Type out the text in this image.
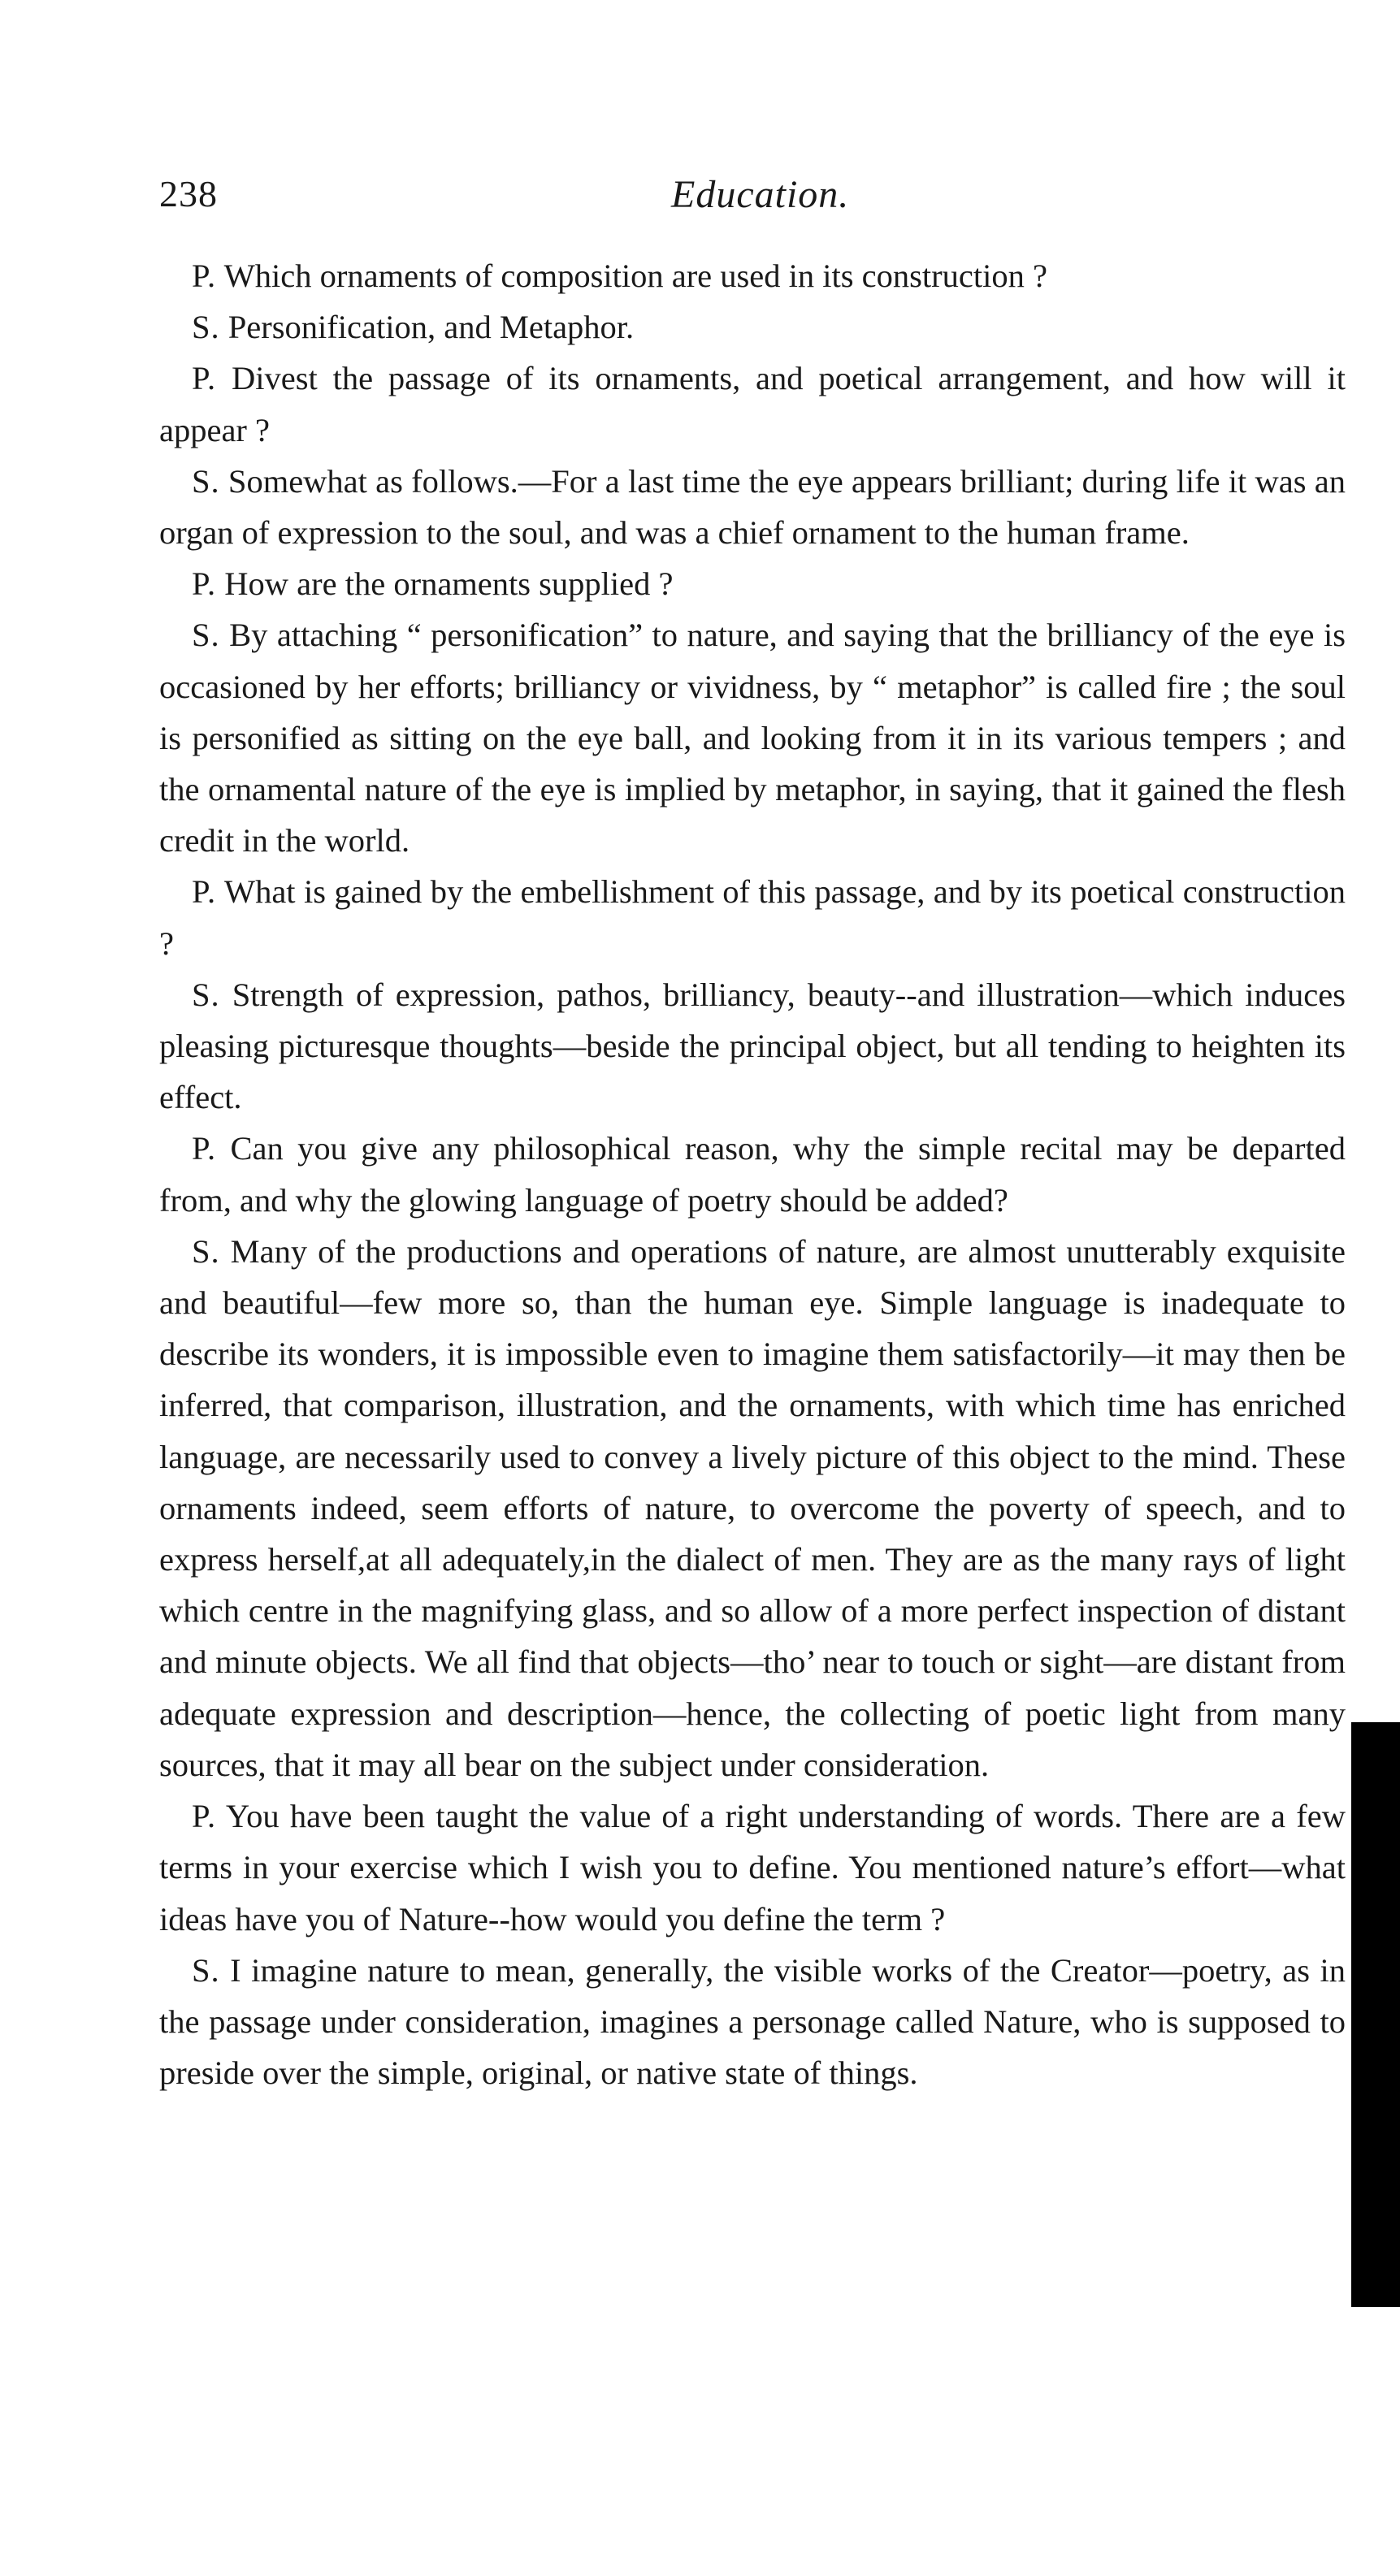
238	Education.

P. Which ornaments of composition are used in its construction ?

S. Personification, and Metaphor.

P. Divest the passage of its ornaments, and poetical arrangement, and how will it appear ?

S. Somewhat as follows.—For a last time the eye appears brilliant; during life it was an organ of expression to the soul, and was a chief ornament to the human frame.

P. How are the ornaments supplied ?

S. By attaching “ personification” to nature, and saying that the brilliancy of the eye is occasioned by her efforts; brilliancy or vividness, by “ metaphor” is called fire ; the soul is personified as sitting on the eye ball, and looking from it in its various tempers ; and the ornamental nature of the eye is implied by metaphor, in saying, that it gained the flesh credit in the world.

P. What is gained by the embellishment of this passage, and by its poetical construction ?

S. Strength of expression, pathos, brilliancy, beauty--and illustration—which induces pleasing picturesque thoughts—beside the principal object, but all tending to heighten its effect.

P. Can you give any philosophical reason, why the simple recital may be departed from, and why the glowing language of poetry should be added?

S. Many of the productions and operations of nature, are almost unutterably exquisite and beautiful—few more so, than the human eye. Simple language is inadequate to describe its wonders, it is impossible even to imagine them satisfactorily—it may then be inferred, that comparison, illustration, and the ornaments, with which time has enriched language, are necessarily used to convey a lively picture of this object to the mind. These ornaments indeed, seem efforts of nature, to overcome the poverty of speech, and to express herself,at all adequately,in the dialect of men. They are as the many rays of light which centre in the magnifying glass, and so allow of a more perfect inspection of distant and minute objects. We all find that objects—tho’ near to touch or sight—are distant from adequate expression and description—hence, the collecting of poetic light from many sources, that it may all bear on the subject under consideration.

P. You have been taught the value of a right understanding of words. There are a few terms in your exercise which I wish you to define. You mentioned nature’s effort—what ideas have you of Nature--how would you define the term ?

S. I imagine nature to mean, generally, the visible works of the Creator—poetry, as in the passage under consideration, imagines a personage called Nature, who is supposed to preside over the simple, original, or native state of things.
